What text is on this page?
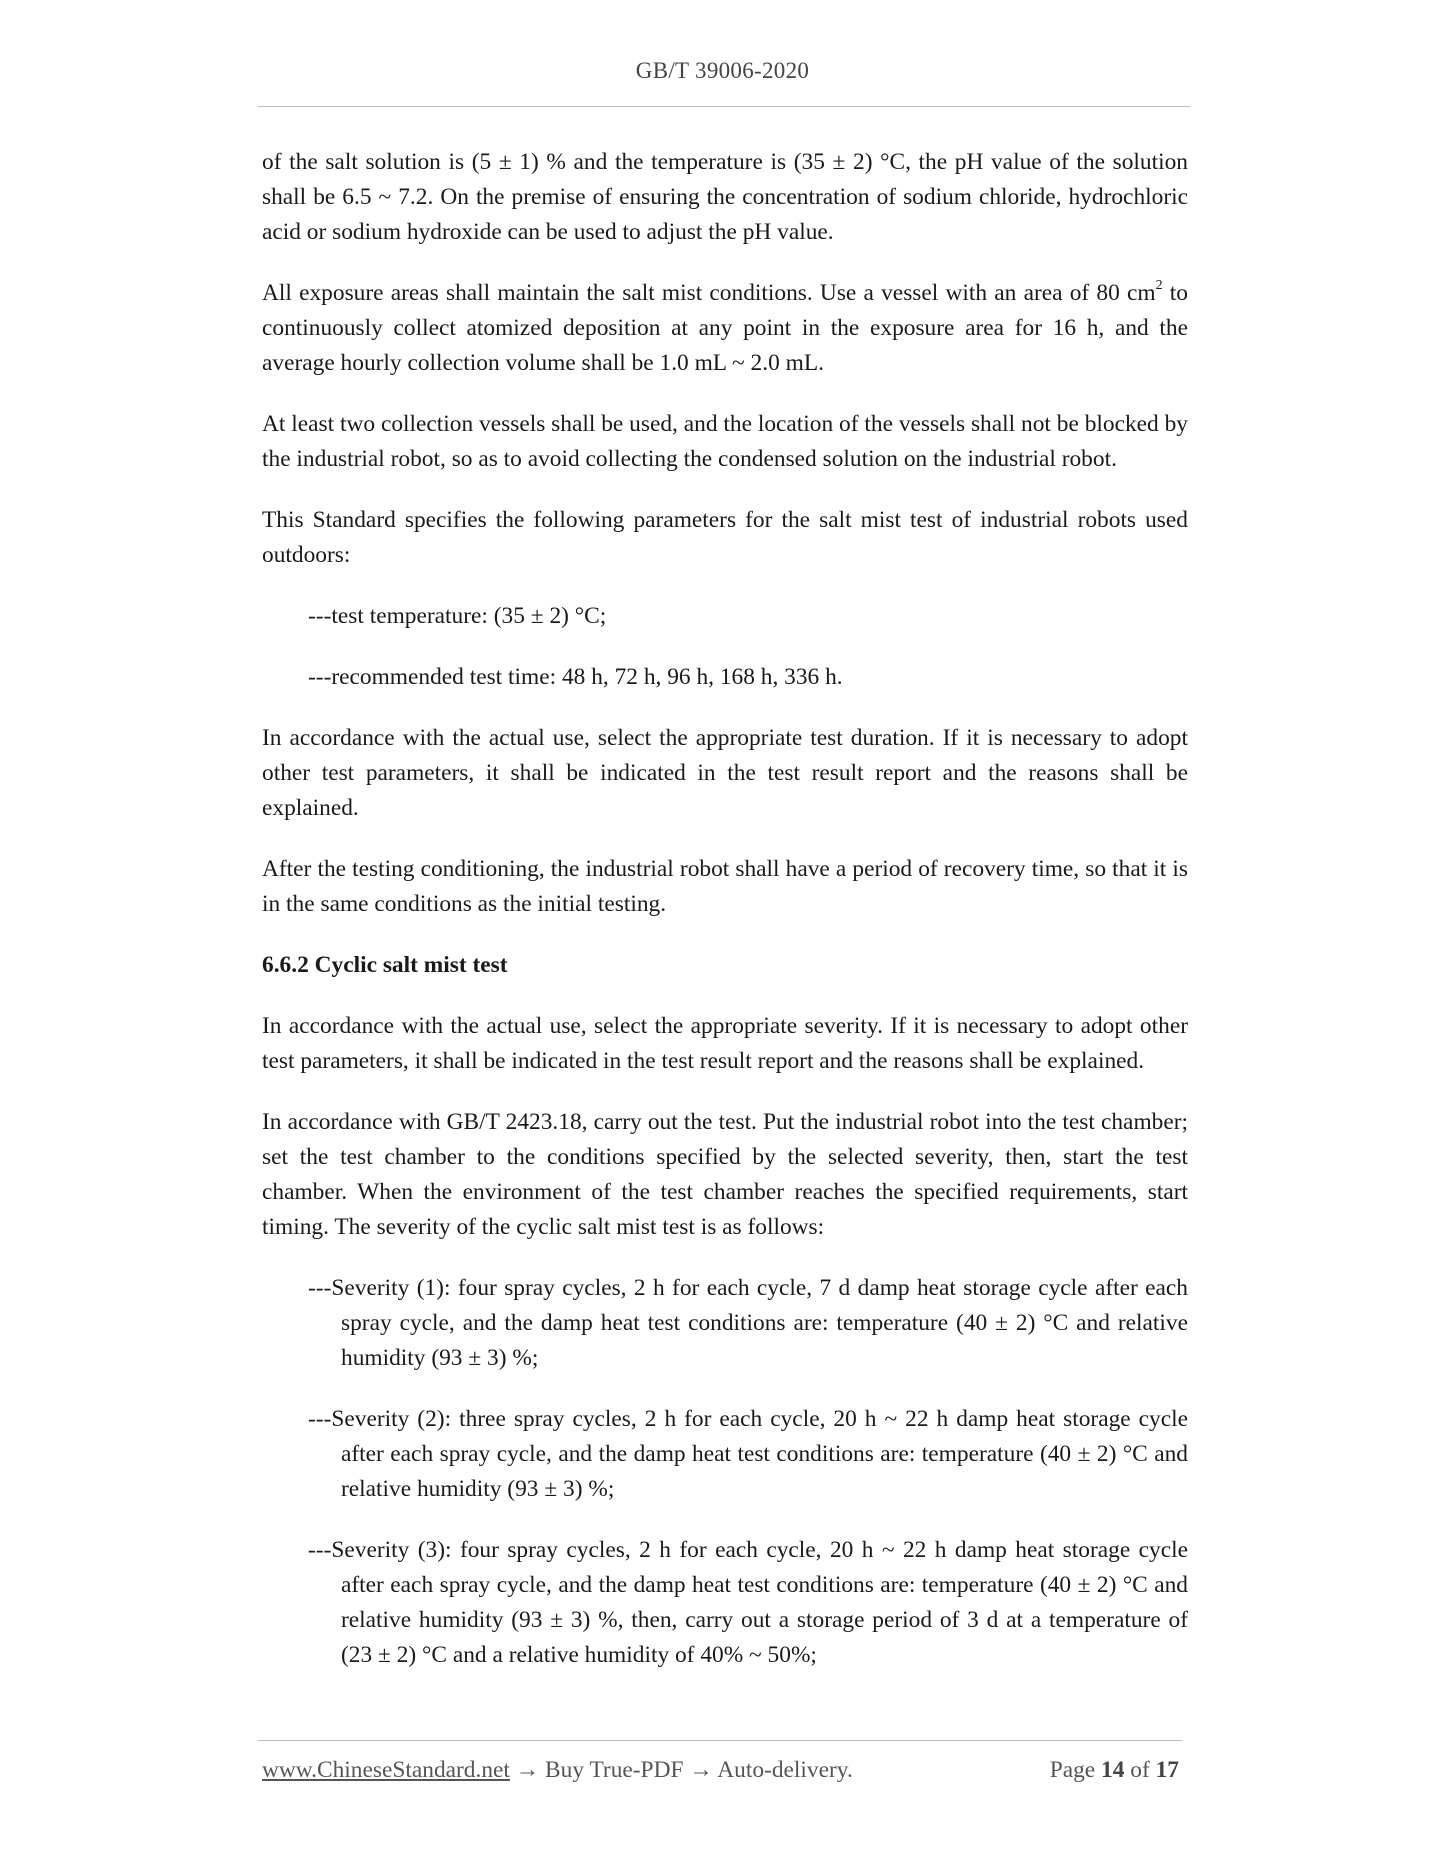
GB/T 39006-2020

of the salt solution is (5 ± 1) % and the temperature is (35 ± 2) °C, the pH value of the solution shall be 6.5 ~ 7.2. On the premise of ensuring the concentration of sodium chloride, hydrochloric acid or sodium hydroxide can be used to adjust the pH value.

All exposure areas shall maintain the salt mist conditions. Use a vessel with an area of 80 $cm^2$ to continuously collect atomized deposition at any point in the exposure area for 16 h, and the average hourly collection volume shall be 1.0 mL ~ 2.0 mL.

At least two collection vessels shall be used, and the location of the vessels shall not be blocked by the industrial robot, so as to avoid collecting the condensed solution on the industrial robot.

This Standard specifies the following parameters for the salt mist test of industrial robots used outdoors:

---test temperature: (35 ± 2) °C;

---recommended test time: 48 h, 72 h, 96 h, 168 h, 336 h.

In accordance with the actual use, select the appropriate test duration. If it is necessary to adopt other test parameters, it shall be indicated in the test result report and the reasons shall be explained.

After the testing conditioning, the industrial robot shall have a period of recovery time, so that it is in the same conditions as the initial testing.

6.6.2 Cyclic salt mist test

In accordance with the actual use, select the appropriate severity. If it is necessary to adopt other test parameters, it shall be indicated in the test result report and the reasons shall be explained.

In accordance with GB/T 2423.18, carry out the test. Put the industrial robot into the test chamber; set the test chamber to the conditions specified by the selected severity, then, start the test chamber. When the environment of the test chamber reaches the specified requirements, start timing. The severity of the cyclic salt mist test is as follows:

---Severity (1): four spray cycles, 2 h for each cycle, 7 d damp heat storage cycle after each spray cycle, and the damp heat test conditions are: temperature (40 ± 2) °C and relative humidity (93 ± 3) %;

---Severity (2): three spray cycles, 2 h for each cycle, 20 h ~ 22 h damp heat storage cycle after each spray cycle, and the damp heat test conditions are: temperature (40 ± 2) °C and relative humidity (93 ± 3) %;

---Severity (3): four spray cycles, 2 h for each cycle, 20 h ~ 22 h damp heat storage cycle after each spray cycle, and the damp heat test conditions are: temperature (40 ± 2) °C and relative humidity (93 ± 3) %, then, carry out a storage period of 3 d at a temperature of (23 ± 2) °C and a relative humidity of 40% ~ 50%;

www.ChineseStandard.net → Buy True-PDF → Auto-delivery.	Page 14 of 17
